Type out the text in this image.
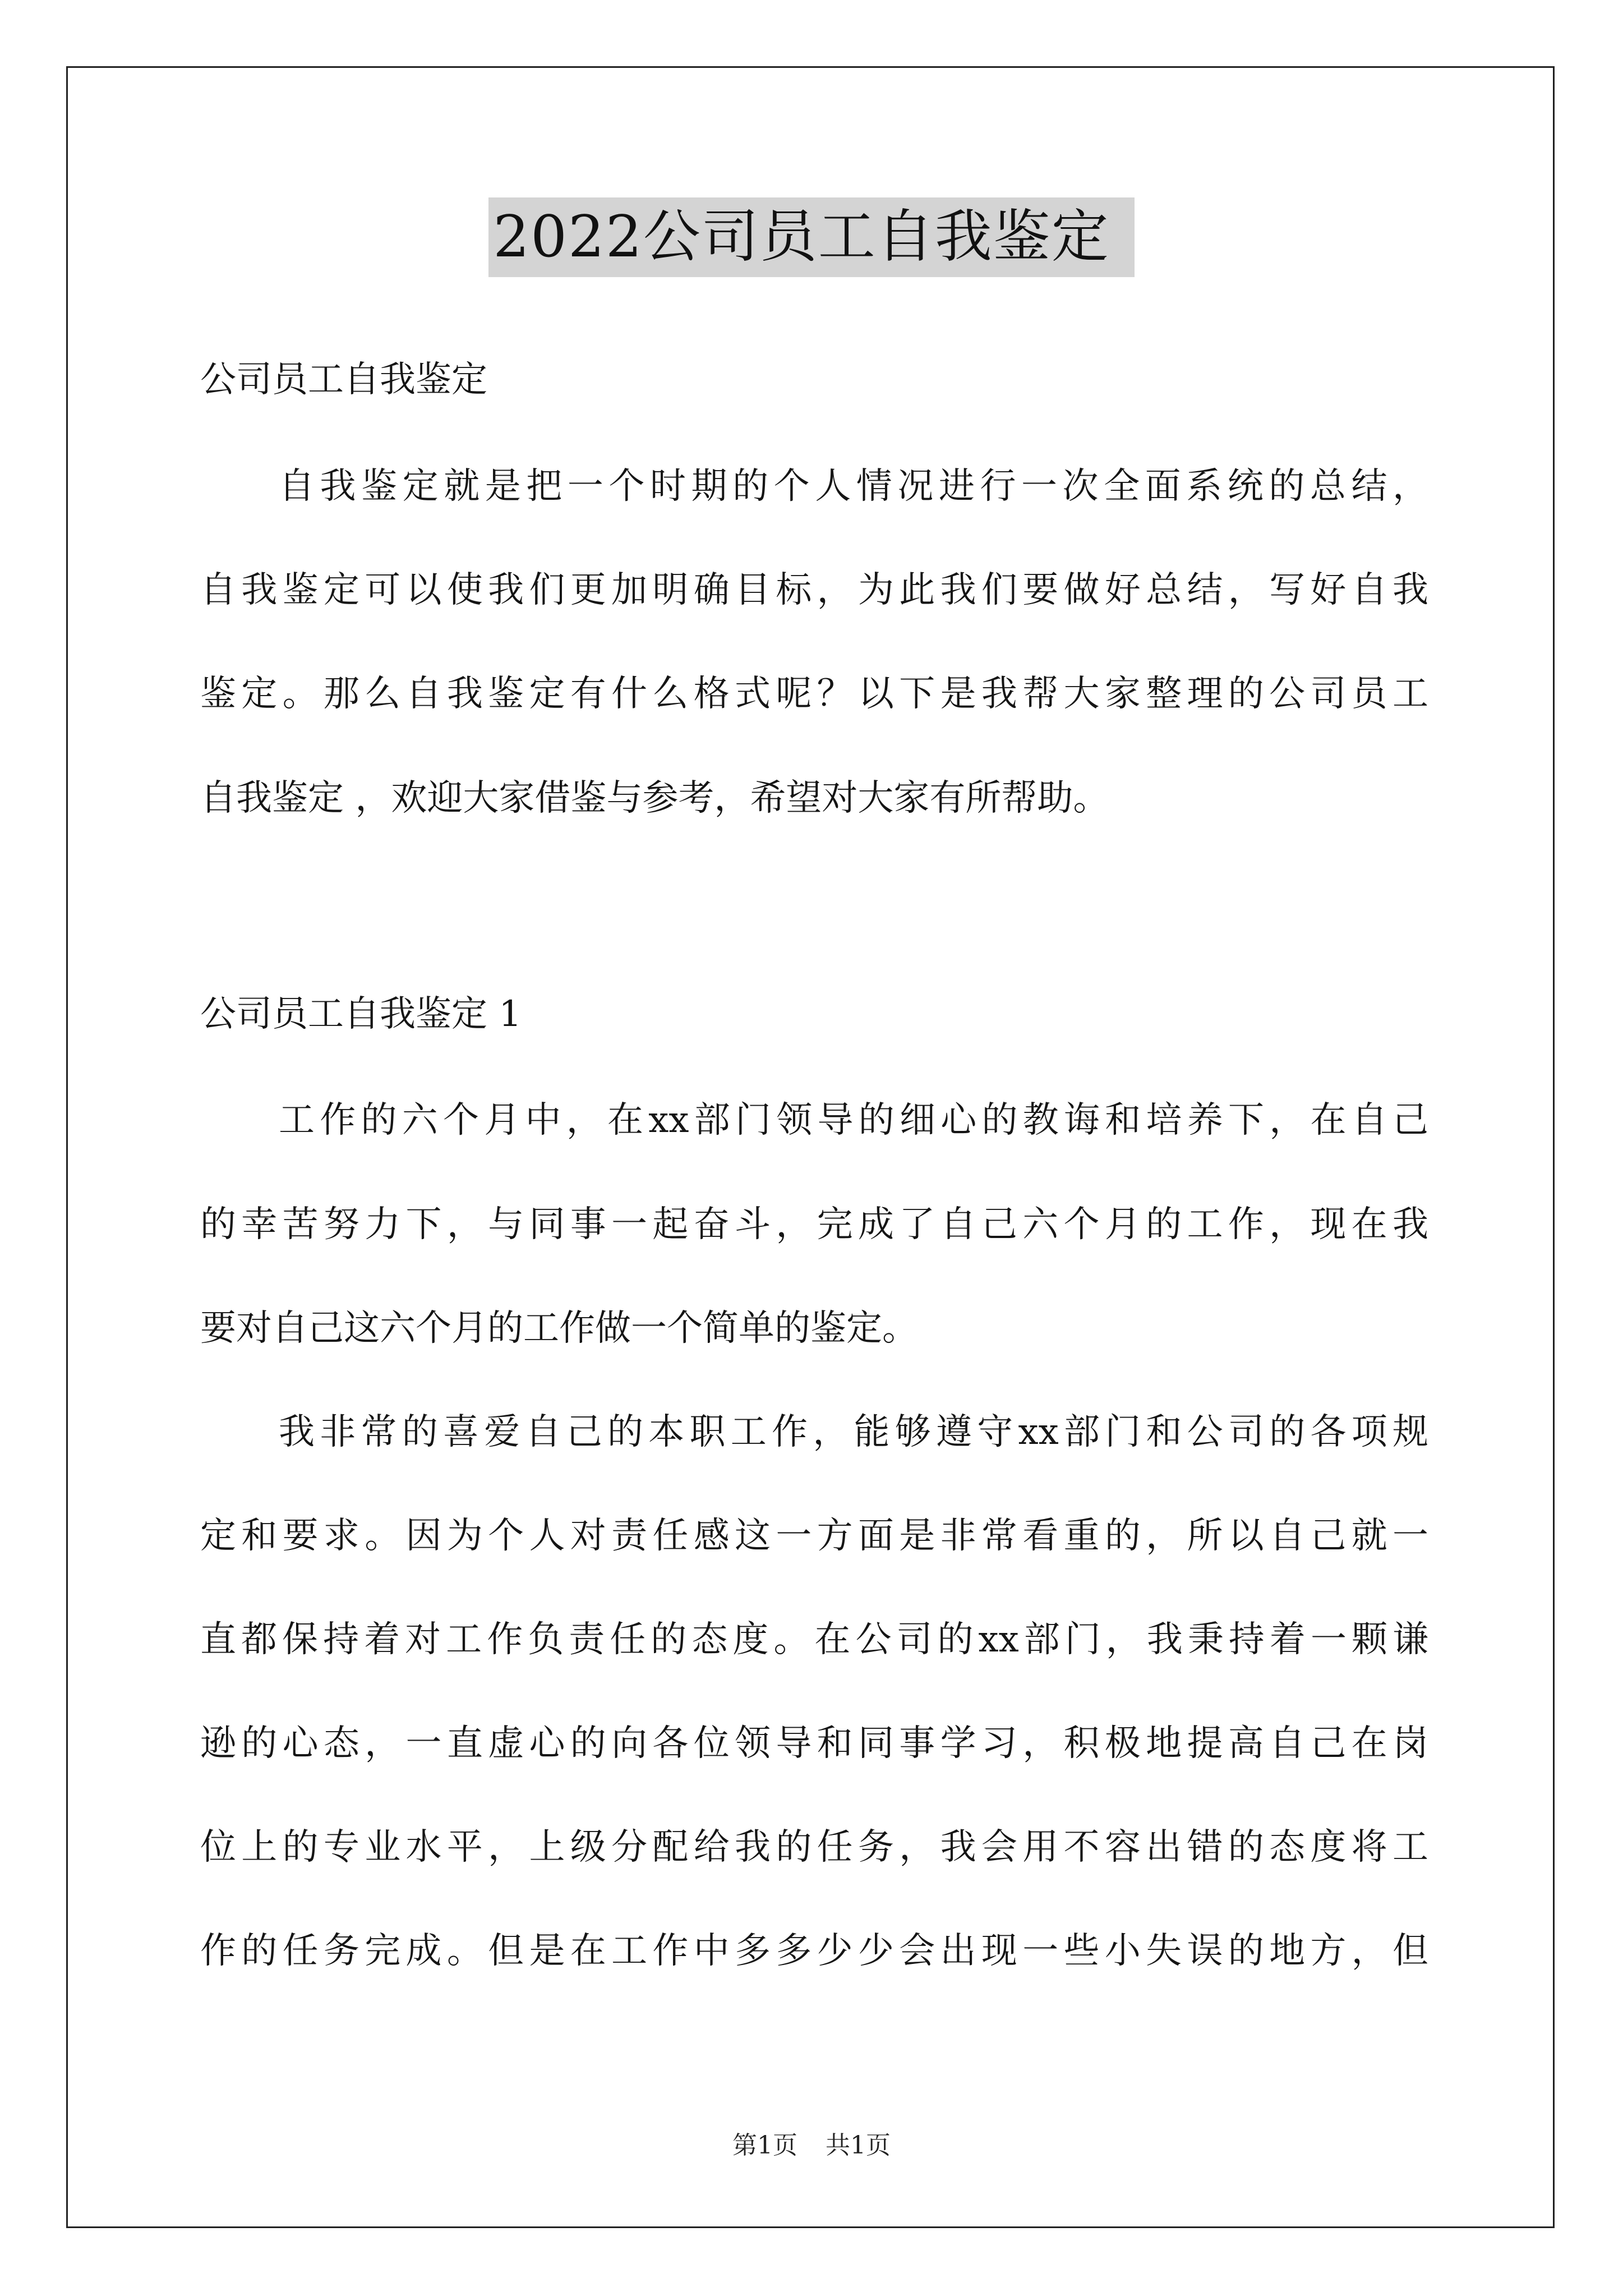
2022公司员工自我鉴定
公司员工自我鉴定
自我鉴定就是把一个时期的个人情况进行一次全面系统的总结，
自我鉴定可以使我们更加明确目标，为此我们要做好总结，写好自我
鉴定。那么自我鉴定有什么格式呢？以下是我帮大家整理的公司员工
自我鉴定 ，欢迎大家借鉴与参考，希望对大家有所帮助。
公司员工自我鉴定 1
工作的六个月中，在xx部门领导的细心的教诲和培养下，在自己
的幸苦努力下，与同事一起奋斗，完成了自己六个月的工作，现在我
要对自己这六个月的工作做一个简单的鉴定。
我非常的喜爱自己的本职工作，能够遵守xx部门和公司的各项规
定和要求。因为个人对责任感这一方面是非常看重的，所以自己就一
直都保持着对工作负责任的态度。在公司的xx部门，我秉持着一颗谦
逊的心态，一直虚心的向各位领导和同事学习，积极地提高自己在岗
位上的专业水平，上级分配给我的任务，我会用不容出错的态度将工
作的任务完成。但是在工作中多多少少会出现一些小失误的地方，但
第1页 共1页
